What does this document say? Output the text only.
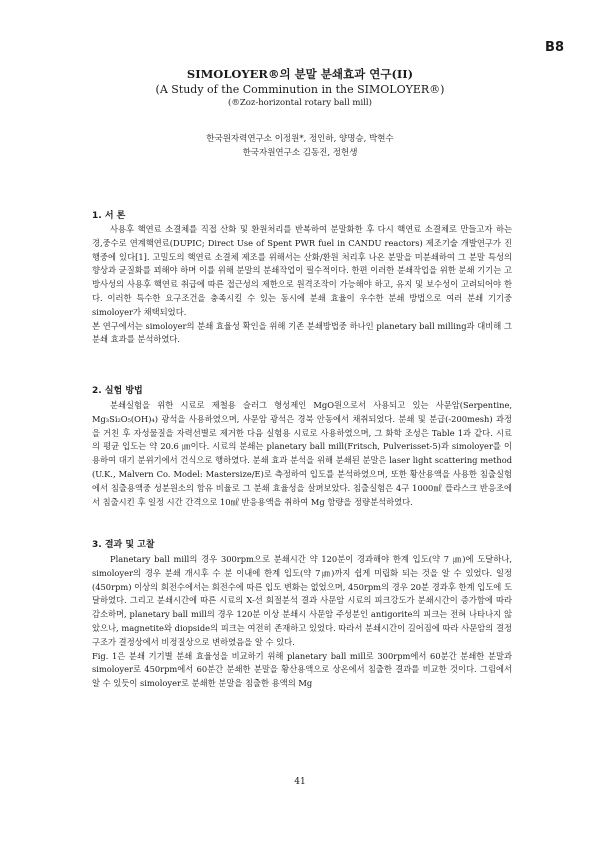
B8
SIMOLOYER®의 분말 분쇄효과 연구(II)
(A Study of the Comminution in the SIMOLOYER®)
(®Zoz-horizontal rotary ball mill)
한국원자력연구소 이정원*, 정인하, 양명승, 박현수
한국자원연구소 김동진, 정헌생
1. 서 론

사용후 핵연료 소결체를 직접 산화 및 환원처리를 반복하여 분말화한 후 다시 핵연료 소결체로 만들고자 하는 경,중수로 연계핵연료(DUPIC; Direct Use of Spent PWR fuel in CANDU reactors) 제조기술 개발연구가 진행중에 있다[1]. 고밀도의 핵연료 소결체 제조를 위해서는 산화/환원 처리후 나온 분말을 미분쇄하여 그 분말 특성의 향상과 균질화를 꾀해야 하며 이를 위해 분말의 분쇄작업이 필수적이다. 한편 이러한 분쇄작업을 위한 분쇄 기기는 고방사성의 사용후 핵연료 취급에 따른 접근성의 제한으로 원격조작이 가능해야 하고, 유지 및 보수성이 고려되어야 한다. 이러한 특수한 요구조건을 충족시킬 수 있는 동시에 분쇄 효율이 우수한 분쇄 방법으로 여러 분쇄 기기중 simoloyer가 채택되었다.

본 연구에서는 simoloyer의 분쇄 효율성 확인을 위해 기존 분쇄방법중 하나인 planetary ball milling과 대비해 그 분쇄 효과를 분석하였다.

2. 실험 방법

분쇄실험을 위한 시료로 제철용 슬러그 형성제인 MgO원으로서 사용되고 있는 사문암(Serpentine, Mg₃Si₂O₅(OH)₄) 광석을 사용하였으며, 사문암 광석은 경북 안동에서 채취되었다. 분쇄 및 분급(-200mesh) 과정을 거친 후 자성물질을 자력선별로 제거한 다음 실험용 시료로 사용하였으며, 그 화학 조성은 Table 1과 같다. 시료의 평균 입도는 약 20.6 ㎛이다. 시료의 분쇄는 planetary ball mill(Fritsch, Pulverisset-5)과 simoloyer를 이용하여 대기 분위기에서 건식으로 행하였다. 분쇄 효과 분석을 위해 분쇄된 분말은 laser light scattering method (U.K., Malvern Co. Model: Mastersize/E)로 측정하여 입도를 분석하였으며, 또한 황산용액을 사용한 침출실험에서 침출용액중 성분원소의 함유 비율로 그 분쇄 효율성을 살펴보았다. 침출실험은 4구 1000㎖ 플라스크 반응조에서 침출시킨 후 일정 시간 간격으로 10㎖ 반응용액을 취하여 Mg 함량을 정량분석하였다.

3. 결과 및 고찰

Planetary ball mill의 경우 300rpm으로 분쇄시간 약 120분이 경과해야 한계 입도(약 7 ㎛)에 도달하나, simoloyer의 경우 분쇄 개시후 수 분 이내에 한계 입도(약 7㎛)까지 쉽게 미립화 되는 것을 알 수 있었다. 일정(450rpm) 이상의 회전수에서는 회전수에 따른 입도 변화는 없었으며, 450rpm의 경우 20분 경과후 한계 입도에 도달하였다. 그리고 분쇄시간에 따른 시료의 X-선 회절분석 결과 사문암 시료의 피크강도가 분쇄시간이 증가함에 따라 감소하며, planetary ball mill의 경우 120분 이상 분쇄시 사문암 주성분인 antigorite의 피크는 전혀 나타나지 않았으나, magnetite와 diopside의 피크는 여전히 존재하고 있었다. 따라서 분쇄시간이 길어짐에 따라 사문암의 결정구조가 결정상에서 비정질상으로 변하였음을 알 수 있다.

Fig. 1은 분쇄 기기별 분쇄 효율성을 비교하기 위해 planetary ball mill로 300rpm에서 60분간 분쇄한 분말과 simoloyer로 450rpm에서 60분간 분쇄한 분말을 황산용액으로 상온에서 침출한 결과를 비교한 것이다. 그림에서 알 수 있듯이 simoloyer로 분쇄한 분말을 침출한 용액의 Mg

41
